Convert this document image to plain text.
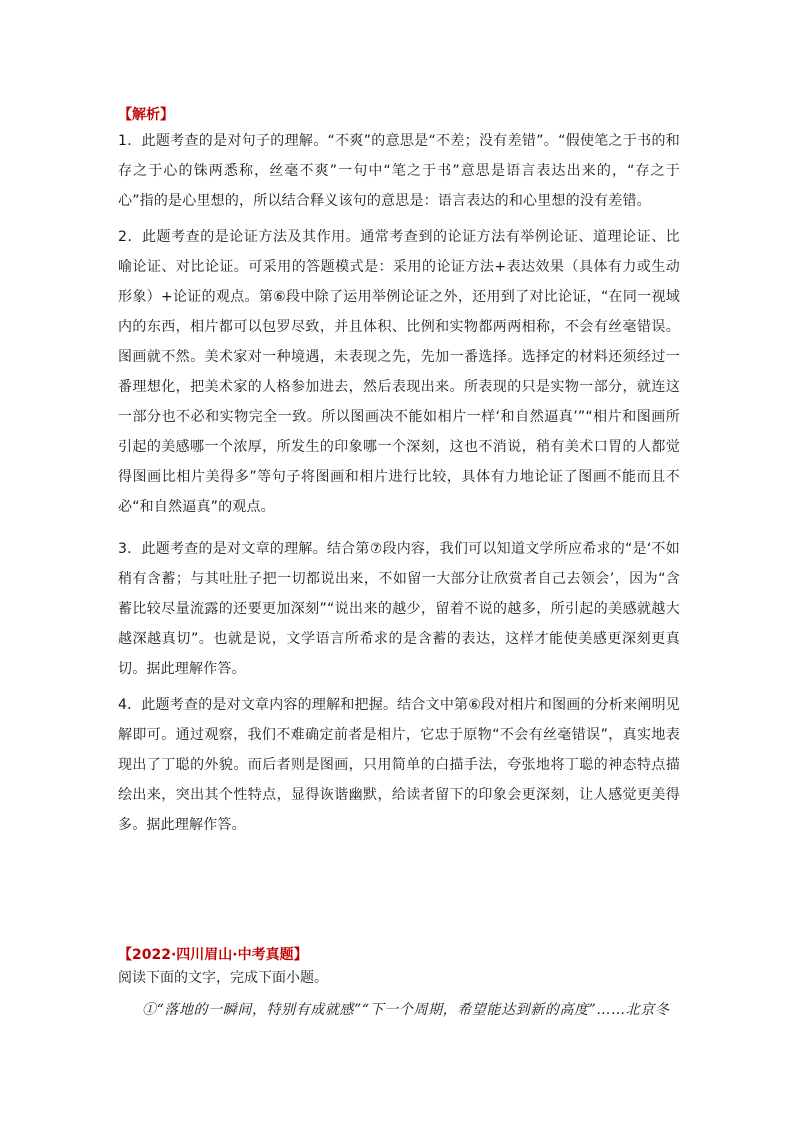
【解析】
1．此题考查的是对句子的理解。“不爽”的意思是“不差；没有差错”。“假使笔之于书的和存之于心的铢两悉称，丝毫不爽”一句中“笔之于书”意思是语言表达出来的，“存之于心”指的是心里想的，所以结合释义该句的意思是：语言表达的和心里想的没有差错。
2．此题考查的是论证方法及其作用。通常考查到的论证方法有举例论证、道理论证、比喻论证、对比论证。可采用的答题模式是：采用的论证方法+表达效果（具体有力或生动形象）+论证的观点。第⑥段中除了运用举例论证之外，还用到了对比论证，“在同一视域内的东西，相片都可以包罗尽致，并且体积、比例和实物都两两相称，不会有丝毫错误。图画就不然。美术家对一种境遇，未表现之先，先加一番选择。选择定的材料还须经过一番理想化，把美术家的人格参加进去，然后表现出来。所表现的只是实物一部分，就连这一部分也不必和实物完全一致。所以图画决不能如相片一样‘和自然逼真’”“相片和图画所引起的美感哪一个浓厚，所发生的印象哪一个深刻，这也不消说，稍有美术口胃的人都觉得图画比相片美得多”等句子将图画和相片进行比较，具体有力地论证了图画不能而且不必“和自然逼真”的观点。
3．此题考查的是对文章的理解。结合第⑦段内容，我们可以知道文学所应希求的“是‘不如稍有含蓄；与其吐肚子把一切都说出来，不如留一大部分让欣赏者自己去领会’，因为“含蓄比较尽量流露的还要更加深刻”“说出来的越少，留着不说的越多，所引起的美感就越大越深越真切”。也就是说，文学语言所希求的是含蓄的表达，这样才能使美感更深刻更真切。据此理解作答。
4．此题考查的是对文章内容的理解和把握。结合文中第⑥段对相片和图画的分析来阐明见解即可。通过观察，我们不难确定前者是相片，它忠于原物“不会有丝毫错误”，真实地表现出了丁聪的外貌。而后者则是图画，只用简单的白描手法，夸张地将丁聪的神态特点描绘出来，突出其个性特点，显得诙谐幽默，给读者留下的印象会更深刻，让人感觉更美得多。据此理解作答。
【2022·四川眉山·中考真题】
阅读下面的文字，完成下面小题。
①“落地的一瞬间，特别有成就感”“下一个周期，希望能达到新的高度”……北京冬
